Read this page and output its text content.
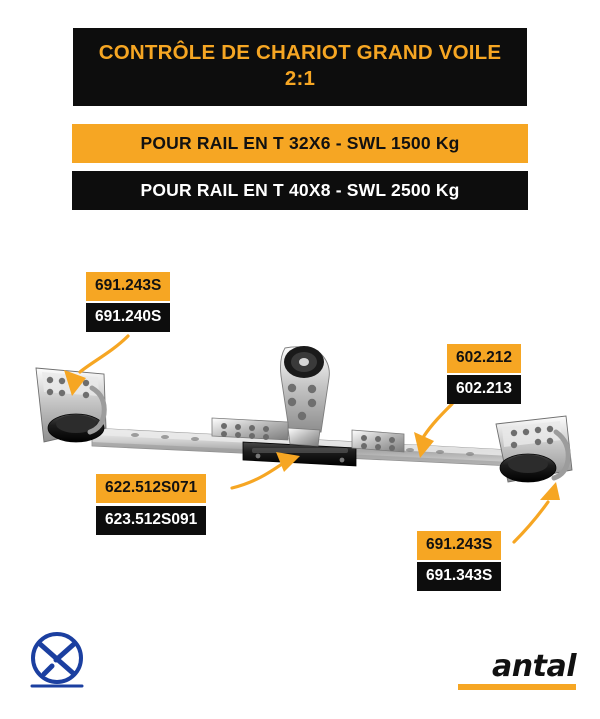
CONTRÔLE DE CHARIOT GRAND VOILE 2:1
POUR RAIL EN T 32X6 - SWL 1500 Kg
POUR RAIL EN T 40X8 - SWL 2500 Kg
691.243S
691.240S
602.212
602.213
622.512S071
623.512S091
691.243S
691.343S
antal
